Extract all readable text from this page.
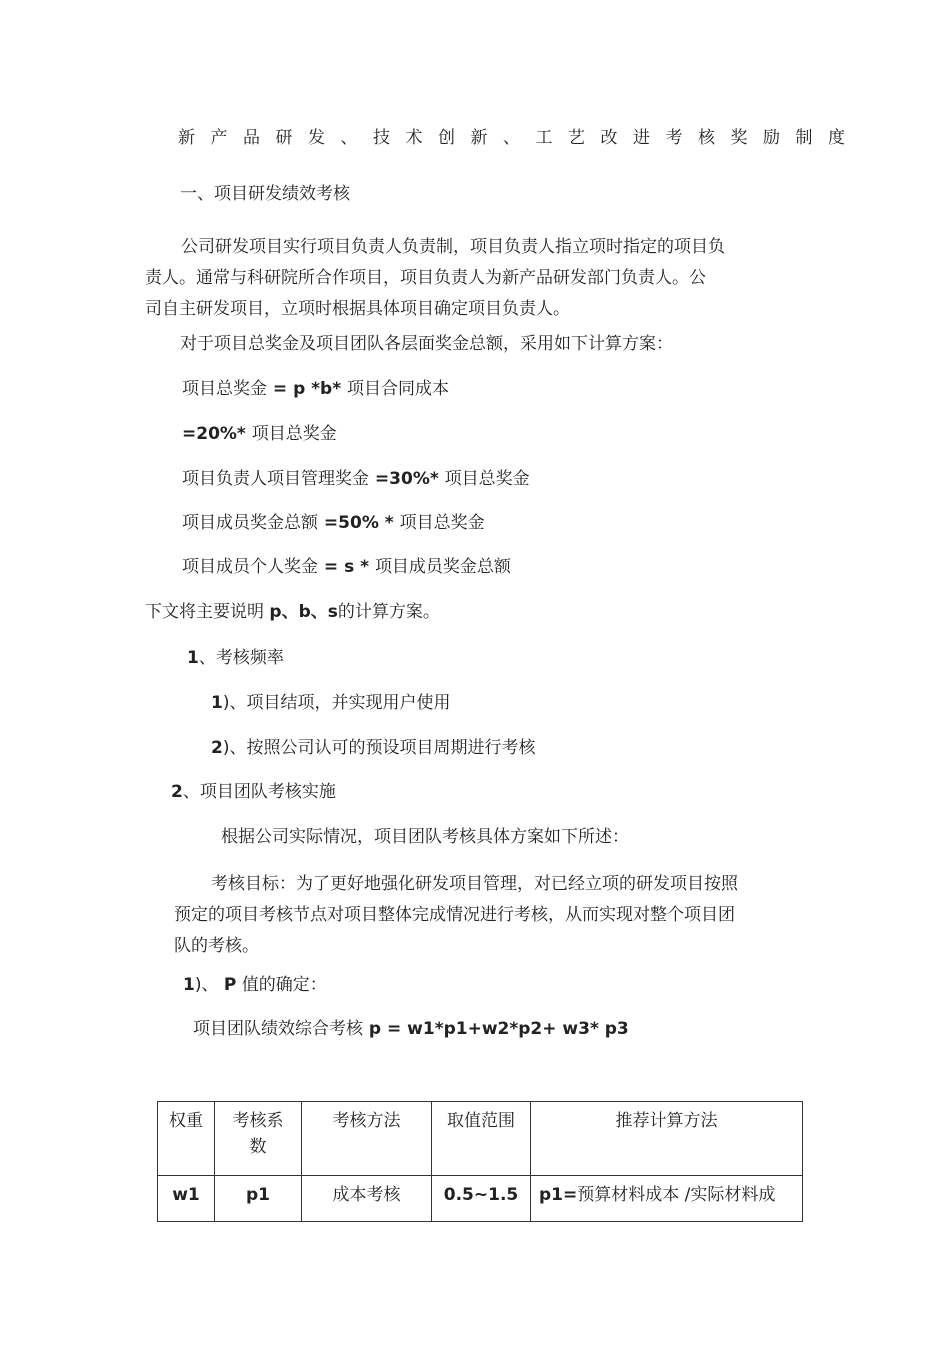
新产品研发、技术创新、工艺改进考核奖励制度
一、项目研发绩效考核
公司研发项目实行项目负责人负责制，项目负责人指立项时指定的项目负
责人。通常与科研院所合作项目，项目负责人为新产品研发部门负责人。公
司自主研发项目，立项时根据具体项目确定项目负责人。
对于项目总奖金及项目团队各层面奖金总额，采用如下计算方案：
项目总奖金 = p *b* 项目合同成本
=20%* 项目总奖金
项目负责人项目管理奖金 =30%* 项目总奖金
项目成员奖金总额 =50% * 项目总奖金
项目成员个人奖金 = s * 项目成员奖金总额
下文将主要说明 p、b、s的计算方案。
1、考核频率
1)、项目结项，并实现用户使用
2)、按照公司认可的预设项目周期进行考核
2、项目团队考核实施
根据公司实际情况，项目团队考核具体方案如下所述：
考核目标：为了更好地强化研发项目管理，对已经立项的研发项目按照
预定的项目考核节点对项目整体完成情况进行考核，从而实现对整个项目团
队的考核。
1)、 P 值的确定：
项目团队绩效综合考核 p = w1*p1+w2*p2+ w3* p3
权重	考核系数	考核方法	取值范围	推荐计算方法
w1	p1	成本考核	0.5~1.5	p1=预算材料成本 /实际材料成
